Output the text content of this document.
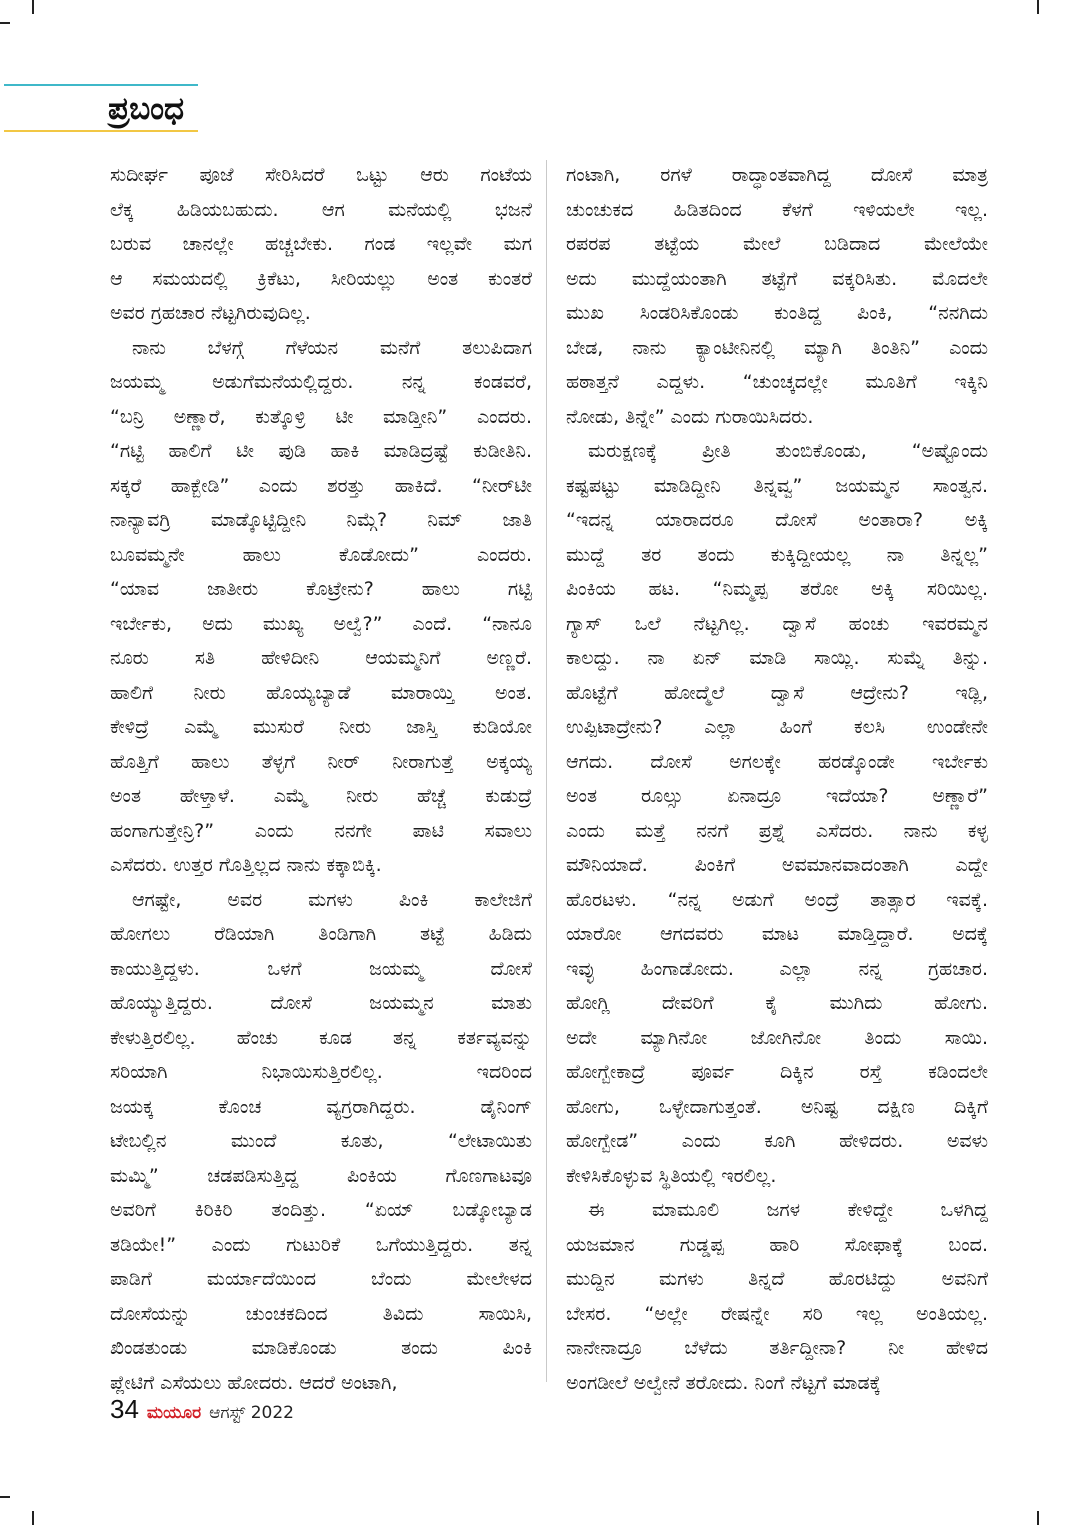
ಪ್ರಬಂಧ

ಸುದೀರ್ಘ ಪೂಜೆ ಸೇರಿಸಿದರೆ ಒಟ್ಟು ಆರು ಗಂಟೆಯ
ಲೆಕ್ಕ ಹಿಡಿಯಬಹುದು. ಆಗ ಮನೆಯಲ್ಲಿ ಭಜನೆ
ಬರುವ ಚಾನಲ್ಲೇ ಹಚ್ಚಬೇಕು. ಗಂಡ ಇಲ್ಲವೇ ಮಗ
ಆ ಸಮಯದಲ್ಲಿ ಕ್ರಿಕೆಟು, ಸೀರಿಯಲ್ಲು ಅಂತ ಕುಂತರೆ
ಅವರ ಗ್ರಹಚಾರ ನೆಟ್ಟಗಿರುವುದಿಲ್ಲ.

ನಾನು ಬೆಳಗ್ಗೆ ಗೆಳೆಯನ ಮನೆಗೆ ತಲುಪಿದಾಗ
ಜಯಮ್ಮ ಅಡುಗೆಮನೆಯಲ್ಲಿದ್ದರು. ನನ್ನ ಕಂಡವರೆ,
“ಬನ್ರಿ ಅಣ್ಣಾರೆ, ಕುತ್ಕೊಳ್ರಿ ಟೀ ಮಾಡ್ತೀನಿ” ಎಂದರು.
“ಗಟ್ಟಿ ಹಾಲಿಗೆ ಟೀ ಪುಡಿ ಹಾಕಿ ಮಾಡಿದ್ರಷ್ಟೆ ಕುಡೀತಿನಿ.
ಸಕ್ಕರೆ ಹಾಕ್ಬೇಡಿ” ಎಂದು ಶರತ್ತು ಹಾಕಿದೆ. “ನೀರ್‌ಟೀ
ನಾನ್ಯಾವಗ್ರಿ ಮಾಡ್ಕೊಟ್ಟಿದ್ದೀನಿ ನಿಮ್ಗೆ? ನಿಮ್ ಜಾತಿ
ಬೂವಮ್ಮನೇ ಹಾಲು ಕೊಡೋದು” ಎಂದರು.
“ಯಾವ ಜಾತೀರು ಕೊಟ್ರೇನು? ಹಾಲು ಗಟ್ಟಿ
ಇರ್ಬೇಕು, ಅದು ಮುಖ್ಯ ಅಲ್ವೆ?” ಎಂದೆ. “ನಾನೂ
ನೂರು ಸತಿ ಹೇಳಿದೀನಿ ಆಯಮ್ಮನಿಗೆ ಅಣ್ಣರೆ.
ಹಾಲಿಗೆ ನೀರು ಹೊಯ್ಯಬ್ಯಾಡೆ ಮಾರಾಯ್ತಿ ಅಂತ.
ಕೇಳಿದ್ರೆ ಎಮ್ಮೆ ಮುಸುರೆ ನೀರು ಜಾಸ್ತಿ ಕುಡಿಯೋ
ಹೊತ್ತಿಗೆ ಹಾಲು ತೆಳ್ಳಗೆ ನೀರ್ ನೀರಾಗುತ್ತೆ ಅಕ್ಕಯ್ಯ
ಅಂತ ಹೇಳ್ತಾಳೆ. ಎಮ್ಮೆ ನೀರು ಹೆಚ್ಚೆ ಕುಡುದ್ರೆ
ಹಂಗಾಗುತ್ತೇನ್ರಿ?” ಎಂದು ನನಗೇ ಪಾಟಿ ಸವಾಲು
ಎಸೆದರು. ಉತ್ತರ ಗೊತ್ತಿಲ್ಲದ ನಾನು ಕಕ್ಕಾಬಿಕ್ಕಿ.

ಆಗಷ್ಟೇ, ಅವರ ಮಗಳು ಪಿಂಕಿ ಕಾಲೇಜಿಗೆ
ಹೋಗಲು ರೆಡಿಯಾಗಿ ತಿಂಡಿಗಾಗಿ ತಟ್ಟೆ ಹಿಡಿದು
ಕಾಯುತ್ತಿದ್ದಳು. ಒಳಗೆ ಜಯಮ್ಮ ದೋಸೆ
ಹೊಯ್ಯುತ್ತಿದ್ದರು. ದೋಸೆ ಜಯಮ್ಮನ ಮಾತು
ಕೇಳುತ್ತಿರಲಿಲ್ಲ. ಹೆಂಚು ಕೂಡ ತನ್ನ ಕರ್ತವ್ಯವನ್ನು
ಸರಿಯಾಗಿ ನಿಭಾಯಿಸುತ್ತಿರಲಿಲ್ಲ. ಇದರಿಂದ
ಜಯಕ್ಕ ಕೊಂಚ ವ್ಯಗ್ರರಾಗಿದ್ದರು. ಡೈನಿಂಗ್
ಟೇಬಲ್ಲಿನ ಮುಂದೆ ಕೂತು, “ಲೇಟಾಯಿತು
ಮಮ್ಮಿ” ಚಡಪಡಿಸುತ್ತಿದ್ದ ಪಿಂಕಿಯ ಗೊಣಗಾಟವೂ
ಅವರಿಗೆ ಕಿರಿಕಿರಿ ತಂದಿತ್ತು. “ಏಯ್ ಬಡ್ಕೋಬ್ಯಾಡ
ತಡಿಯೇ!” ಎಂದು ಗುಟುರಿಕೆ ಒಗೆಯುತ್ತಿದ್ದರು. ತನ್ನ
ಪಾಡಿಗೆ ಮರ್ಯಾದೆಯಿಂದ ಬೆಂದು ಮೇಲೇಳದ
ದೋಸೆಯನ್ನು ಚುಂಚಕದಿಂದ ತಿವಿದು ಸಾಯಿಸಿ,
ಖಿಂಡತುಂಡು ಮಾಡಿಕೊಂಡು ತಂದು ಪಿಂಕಿ
ಪ್ಲೇಟಿಗೆ ಎಸೆಯಲು ಹೋದರು. ಆದರೆ ಅಂಟಾಗಿ,

ಗಂಟಾಗಿ, ರಗಳೆ ರಾದ್ಧಾಂತವಾಗಿದ್ದ ದೋಸೆ ಮಾತ್ರ
ಚುಂಚುಕದ ಹಿಡಿತದಿಂದ ಕೆಳಗೆ ಇಳಿಯಲೇ ಇಲ್ಲ.
ರಪರಪ ತಟ್ಟೆಯ ಮೇಲೆ ಬಡಿದಾದ ಮೇಲೆಯೇ
ಅದು ಮುದ್ದೆಯಂತಾಗಿ ತಟ್ಟೆಗೆ ವಕ್ಕರಿಸಿತು. ಮೊದಲೇ
ಮುಖ ಸಿಂಡರಿಸಿಕೊಂಡು ಕುಂತಿದ್ದ ಪಿಂಕಿ, “ನನಗಿದು
ಬೇಡ, ನಾನು ಕ್ಯಾಂಟೀನಿನಲ್ಲಿ ಮ್ಯಾಗಿ ತಿಂತಿನಿ” ಎಂದು
ಹಠಾತ್ತನೆ ಎದ್ದಳು. “ಚುಂಚ್ಕದಲ್ಲೇ ಮೂತಿಗೆ ಇಕ್ಕಿನಿ
ನೋಡು, ತಿನ್ನೇ” ಎಂದು ಗುರಾಯಿಸಿದರು.

ಮರುಕ್ಷಣಕ್ಕೆ ಪ್ರೀತಿ ತುಂಬಿಕೊಂಡು, “ಅಷ್ಟೊಂದು
ಕಷ್ಟಪಟ್ಟು ಮಾಡಿದ್ದೀನಿ ತಿನ್ನವ್ವ” ಜಯಮ್ಮನ ಸಾಂತ್ವನ.
“ಇದನ್ನ ಯಾರಾದರೂ ದೋಸೆ ಅಂತಾರಾ? ಅಕ್ಕಿ
ಮುದ್ದೆ ತರ ತಂದು ಕುಕ್ಕಿದ್ದೀಯಲ್ಲ ನಾ ತಿನ್ನಲ್ಲ”
ಪಿಂಕಿಯ ಹಟ. “ನಿಮ್ಮಪ್ಪ ತರೋ ಅಕ್ಕಿ ಸರಿಯಿಲ್ಲ.
ಗ್ಯಾಸ್ ಒಲೆ ನೆಟ್ಟಗಿಲ್ಲ. ದ್ವಾಸೆ ಹಂಚು ಇವರಮ್ಮನ
ಕಾಲದ್ದು. ನಾ ಏನ್ ಮಾಡಿ ಸಾಯ್ಲಿ. ಸುಮ್ನೆ ತಿನ್ನು.
ಹೊಟ್ಟೆಗೆ ಹೋದ್ಮೆಲೆ ದ್ವಾಸೆ ಆದ್ರೇನು? ಇಡ್ಲಿ,
ಉಪ್ಪಿಟಾದ್ರೇನು? ಎಲ್ಲಾ ಹಿಂಗೆ ಕಲಸಿ ಉಂಡೇನೇ
ಆಗದು. ದೋಸೆ ಅಗಲಕ್ಕೇ ಹರಡ್ಕೊಂಡೇ ಇರ್ಬೇಕು
ಅಂತ ರೂಲ್ಸು ಏನಾದ್ರೂ ಇದೆಯಾ? ಅಣ್ಣಾರೆ”
ಎಂದು ಮತ್ತೆ ನನಗೆ ಪ್ರಶ್ನೆ ಎಸೆದರು. ನಾನು ಕಳ್ಳ
ಮೌನಿಯಾದೆ. ಪಿಂಕಿಗೆ ಅವಮಾನವಾದಂತಾಗಿ ಎದ್ದೇ
ಹೊರಟಳು. “ನನ್ನ ಅಡುಗೆ ಅಂದ್ರೆ ತಾತ್ಸಾರ ಇವಕ್ಕೆ.
ಯಾರೋ ಆಗದವರು ಮಾಟ ಮಾಡ್ತಿದ್ದಾರೆ. ಅದಕ್ಕೆ
ಇವ್ಳು ಹಿಂಗಾಡೋದು. ಎಲ್ಲಾ ನನ್ನ ಗ್ರಹಚಾರ.
ಹೋಗ್ಲಿ ದೇವರಿಗೆ ಕೈ ಮುಗಿದು ಹೋಗು.
ಅದೇ ಮ್ಯಾಗಿನೋ ಜೋಗಿನೋ ತಿಂದು ಸಾಯಿ.
ಹೋಗ್ಬೇಕಾದ್ರೆ ಪೂರ್ವ ದಿಕ್ಕಿನ ರಸ್ತೆ ಕಡಿಂದಲೇ
ಹೋಗು, ಒಳ್ಳೇದಾಗುತ್ತಂತೆ. ಅನಿಷ್ಟ ದಕ್ಷಿಣ ದಿಕ್ಕಿಗೆ
ಹೋಗ್ಬೇಡ” ಎಂದು ಕೂಗಿ ಹೇಳಿದರು. ಅವಳು
ಕೇಳಿಸಿಕೊಳ್ಳುವ ಸ್ಥಿತಿಯಲ್ಲಿ ಇರಲಿಲ್ಲ.

ಈ ಮಾಮೂಲಿ ಜಗಳ ಕೇಳಿದ್ದೇ ಒಳಗಿದ್ದ
ಯಜಮಾನ ಗುಡ್ಡಪ್ಪ ಹಾರಿ ಸೋಫಾಕ್ಕೆ ಬಂದ.
ಮುದ್ದಿನ ಮಗಳು ತಿನ್ನದೆ ಹೊರಟಿದ್ದು ಅವನಿಗೆ
ಬೇಸರ. “ಅಲ್ಲೇ ರೇಷನ್ನೇ ಸರಿ ಇಲ್ಲ ಅಂತಿಯಲ್ಲ.
ನಾನೇನಾದ್ರೂ ಬೆಳೆದು ತರ್ತಿದ್ದೀನಾ? ನೀ ಹೇಳಿದ
ಅಂಗಡೀಲೆ ಅಲ್ವೇನೆ ತರೋದು. ನಿಂಗೆ ನೆಟ್ಟಗೆ ಮಾಡಕ್ಕೆ

34 ಮಯೂರ ಆಗಸ್ಟ್ 2022
